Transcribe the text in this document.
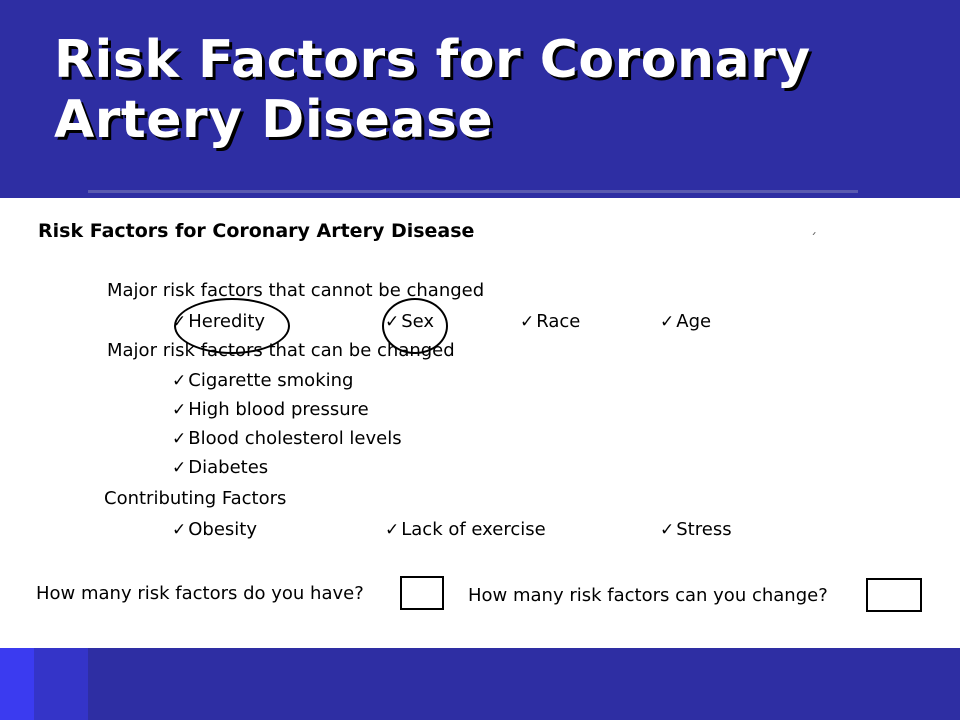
Risk Factors for Coronary Artery Disease
Risk Factors for Coronary Artery Disease	´
Major risk factors that cannot be changed
✓ Heredity	✓ Sex	✓ Race	✓ Age
Major risk factors that can be changed
✓ Cigarette smoking
✓ High blood pressure
✓ Blood cholesterol levels
✓ Diabetes
Contributing Factors
✓ Obesity	✓ Lack of exercise	✓ Stress
How many risk factors do you have?	How many risk factors can you change?
